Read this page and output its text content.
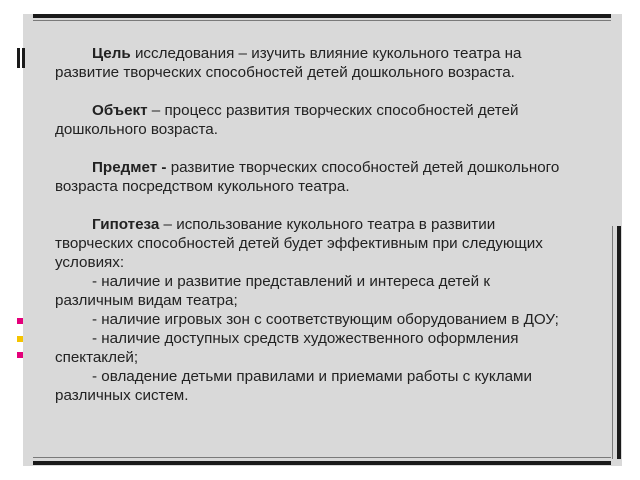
Цель исследования – изучить влияние кукольного театра на
развитие творческих способностей детей дошкольного возраста.

Объект – процесс развития творческих способностей детей
дошкольного возраста.

Предмет - развитие творческих способностей детей дошкольного
возраста посредством кукольного театра.

Гипотеза – использование кукольного театра в развитии
творческих способностей детей будет эффективным при следующих
условиях:
- наличие и развитие представлений и интереса детей к
различным видам театра;
- наличие игровых зон с соответствующим оборудованием в ДОУ;
- наличие доступных средств художественного оформления
спектаклей;
- овладение детьми правилами и приемами работы с куклами
различных систем.
